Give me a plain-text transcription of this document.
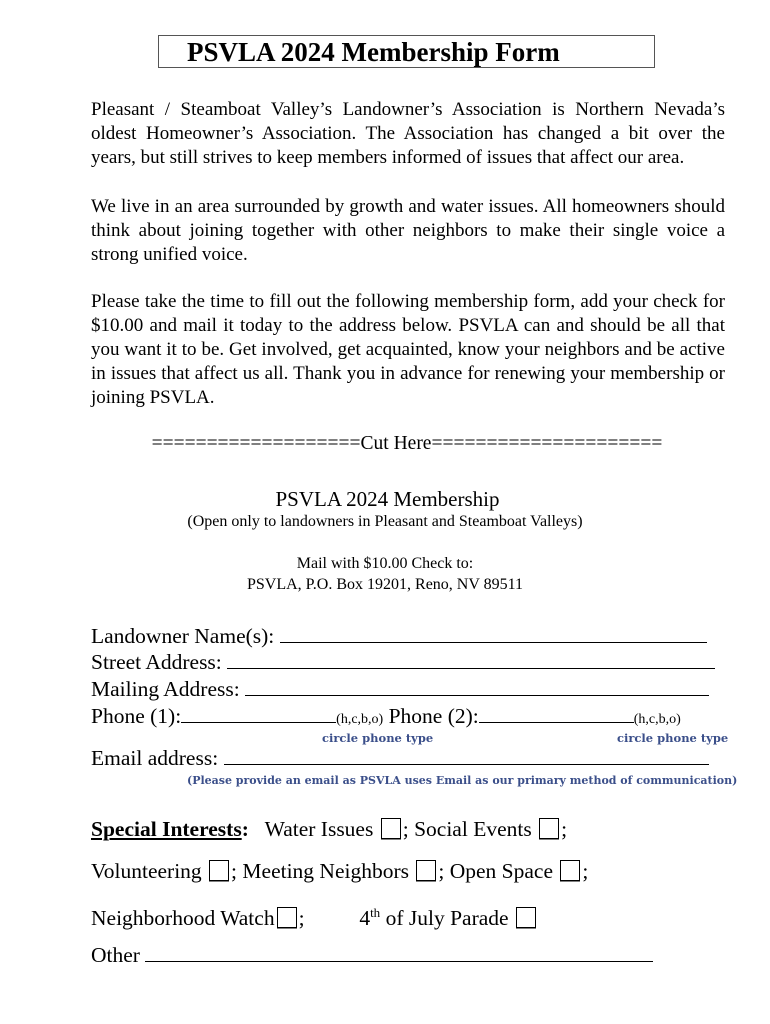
PSVLA 2024 Membership Form
Pleasant / Steamboat Valley’s Landowner’s Association is Northern Nevada’s oldest Homeowner’s Association. The Association has changed a bit over the years, but still strives to keep members informed of issues that affect our area.
We live in an area surrounded by growth and water issues. All homeowners should think about joining together with other neighbors to make their single voice a strong unified voice.
Please take the time to fill out the following membership form, add your check for $10.00 and mail it today to the address below. PSVLA can and should be all that you want it to be. Get involved, get acquainted, know your neighbors and be active in issues that affect us all. Thank you in advance for renewing your membership or joining PSVLA.
===================Cut Here=====================
PSVLA 2024 Membership
(Open only to landowners in Pleasant and Steamboat Valleys)
Mail with $10.00 Check to:
PSVLA, P.O. Box 19201, Reno, NV 89511
Landowner Name(s):
Street Address:
Mailing Address:
Phone (1):	(h,c,b,o) Phone (2):	(h,c,b,o)
circle phone type	circle phone type
Email address:
(Please provide an email as PSVLA uses Email as our primary method of communication)
Special Interests: Water Issues ; Social Events ;
Volunteering ; Meeting Neighbors ; Open Space ;
Neighborhood Watch ;	4th of July Parade
Other
